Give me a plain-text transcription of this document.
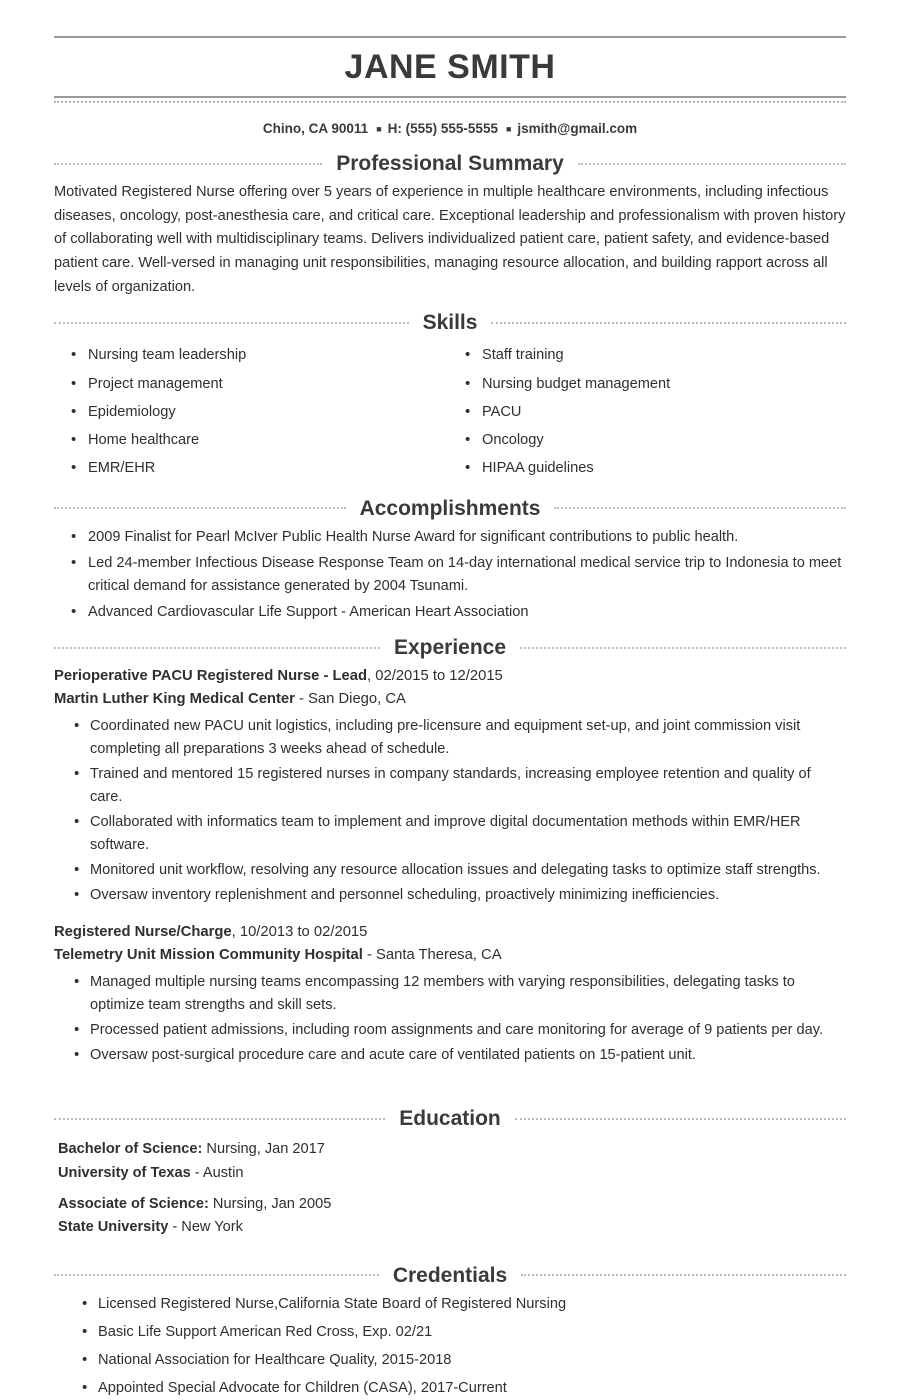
JANE SMITH
Chino, CA 90011 ■ H: (555) 555-5555 ■ jsmith@gmail.com
Professional Summary

Motivated Registered Nurse offering over 5 years of experience in multiple healthcare environments, including infectious diseases, oncology, post-anesthesia care, and critical care. Exceptional leadership and professionalism with proven history of collaborating well with multidisciplinary teams. Delivers individualized patient care, patient safety, and evidence-based patient care. Well-versed in managing unit responsibilities, managing resource allocation, and building rapport across all levels of organization.

Skills
• Nursing team leadership
• Project management
• Epidemiology
• Home healthcare
• EMR/EHR
• Staff training
• Nursing budget management
• PACU
• Oncology
• HIPAA guidelines
Accomplishments
• 2009 Finalist for Pearl McIver Public Health Nurse Award for significant contributions to public health.
• Led 24-member Infectious Disease Response Team on 14-day international medical service trip to Indonesia to meet critical demand for assistance generated by 2004 Tsunami.
• Advanced Cardiovascular Life Support - American Heart Association
Experience
Perioperative PACU Registered Nurse - Lead, 02/2015 to 12/2015
Martin Luther King Medical Center - San Diego, CA
• Coordinated new PACU unit logistics, including pre-licensure and equipment set-up, and joint commission visit completing all preparations 3 weeks ahead of schedule.
• Trained and mentored 15 registered nurses in company standards, increasing employee retention and quality of care.
• Collaborated with informatics team to implement and improve digital documentation methods within EMR/HER software.
• Monitored unit workflow, resolving any resource allocation issues and delegating tasks to optimize staff strengths.
• Oversaw inventory replenishment and personnel scheduling, proactively minimizing inefficiencies.
Registered Nurse/Charge, 10/2013 to 02/2015
Telemetry Unit Mission Community Hospital - Santa Theresa, CA
• Managed multiple nursing teams encompassing 12 members with varying responsibilities, delegating tasks to optimize team strengths and skill sets.
• Processed patient admissions, including room assignments and care monitoring for average of 9 patients per day.
• Oversaw post-surgical procedure care and acute care of ventilated patients on 15-patient unit.
Education
Bachelor of Science: Nursing, Jan 2017
University of Texas - Austin
Associate of Science: Nursing, Jan 2005
State University - New York
Credentials
• Licensed Registered Nurse,California State Board of Registered Nursing
• Basic Life Support American Red Cross, Exp. 02/21
• National Association for Healthcare Quality, 2015-2018
• Appointed Special Advocate for Children (CASA), 2017-Current
